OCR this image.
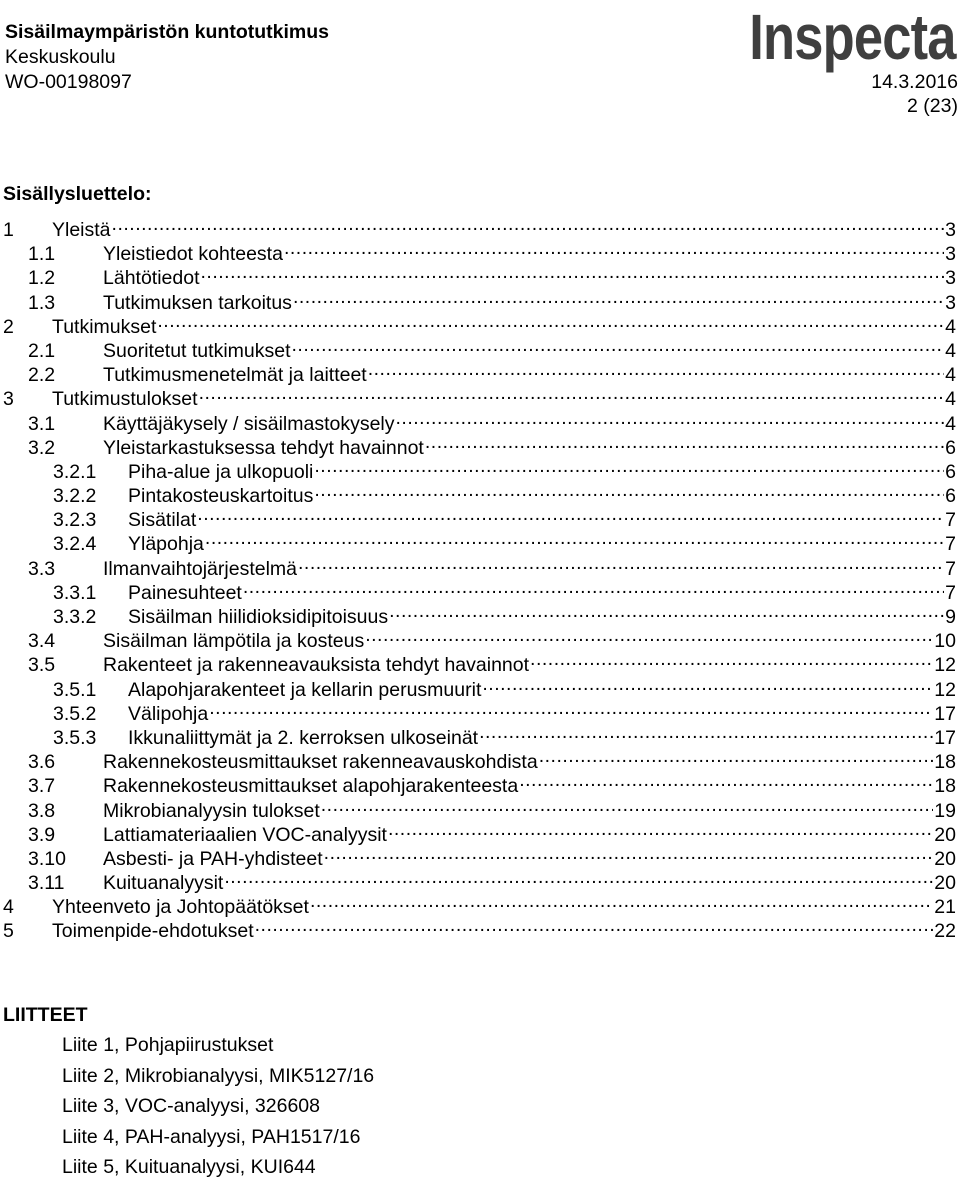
Sisäilmaympäristön kuntotutkimus
Keskuskoulu
WO-00198097	14.3.2016
2 (23)
Inspecta
Sisällysluettelo:
1	Yleistä .....	3
1.1	Yleistiedot kohteesta .....	3
1.2	Lähtötiedot .....	3
1.3	Tutkimuksen tarkoitus .....	3
2	Tutkimukset .....	4
2.1	Suoritetut tutkimukset .....	4
2.2	Tutkimusmenetelmät ja laitteet .....	4
3	Tutkimustulokset .....	4
3.1	Käyttäjäkysely / sisäilmastokysely .....	4
3.2	Yleistarkastuksessa tehdyt havainnot .....	6
3.2.1	Piha-alue ja ulkopuoli .....	6
3.2.2	Pintakosteuskartoitus .....	6
3.2.3	Sisätilat .....	7
3.2.4	Yläpohja .....	7
3.3	Ilmanvaihtojärjestelmä .....	7
3.3.1	Painesuhteet .....	7
3.3.2	Sisäilman hiilidioksidipitoisuus .....	9
3.4	Sisäilman lämpötila ja kosteus .....	10
3.5	Rakenteet ja rakenneavauksista tehdyt havainnot .....	12
3.5.1	Alapohjarakenteet ja kellarin perusmuurit .....	12
3.5.2	Välipohja .....	17
3.5.3	Ikkunaliittymät ja 2. kerroksen ulkoseinät .....	17
3.6	Rakennekosteusmittaukset rakenneavauskohdista .....	18
3.7	Rakennekosteusmittaukset alapohjarakenteesta .....	18
3.8	Mikrobianalyysin tulokset .....	19
3.9	Lattiamateriaalien VOC-analyysit .....	20
3.10	Asbesti- ja PAH-yhdisteet .....	20
3.11	Kuituanalyysit .....	20
4	Yhteenveto ja Johtopäätökset .....	21
5	Toimenpide-ehdotukset .....	22
LIITTEET
Liite 1, Pohjapiirustukset
Liite 2, Mikrobianalyysi, MIK5127/16
Liite 3, VOC-analyysi, 326608
Liite 4, PAH-analyysi, PAH1517/16
Liite 5, Kuituanalyysi, KUI644
